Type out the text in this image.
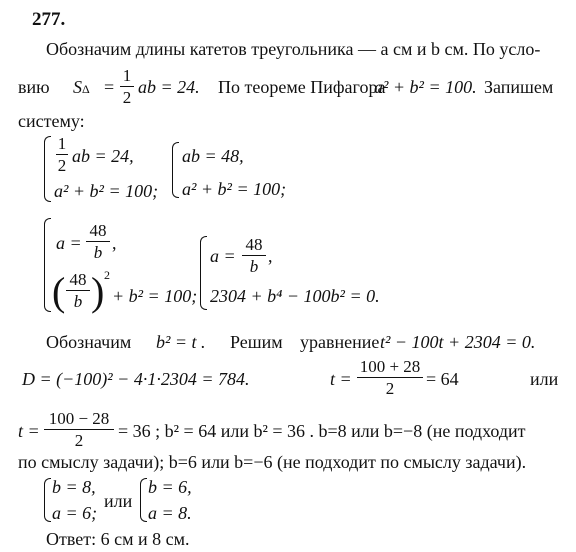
277.
Обозначим длины катетов треугольника — a см и b см. По усло-
вию SΔ =
1
2
ab = 24. По теореме Пифагора
a² + b² = 100. Запишем
систему:
1
2 ab = 24,
a² + b² = 100;
ab = 48,
a² + b² = 100;
a =
48
b ,
( 48
b ) 2
+ b² = 100;
a =
48
b
,
2304 + b⁴ − 100b² = 0.
Обозначим b² = t . Решим уравнение t² − 100t + 2304 = 0.
D = (−100)² − 4·1·2304 = 784.	t =
100 + 28
2	= 64	или
t =
100 − 28
2	= 36 ; b² = 64 или b² = 36 . b=8 или b=−8 (не подходит
по смыслу задачи); b=6 или b=−6 (не подходит по смыслу задачи).
b = 8,
a = 6;
или
b = 6,
a = 8.
Ответ: 6 см и 8 см.
